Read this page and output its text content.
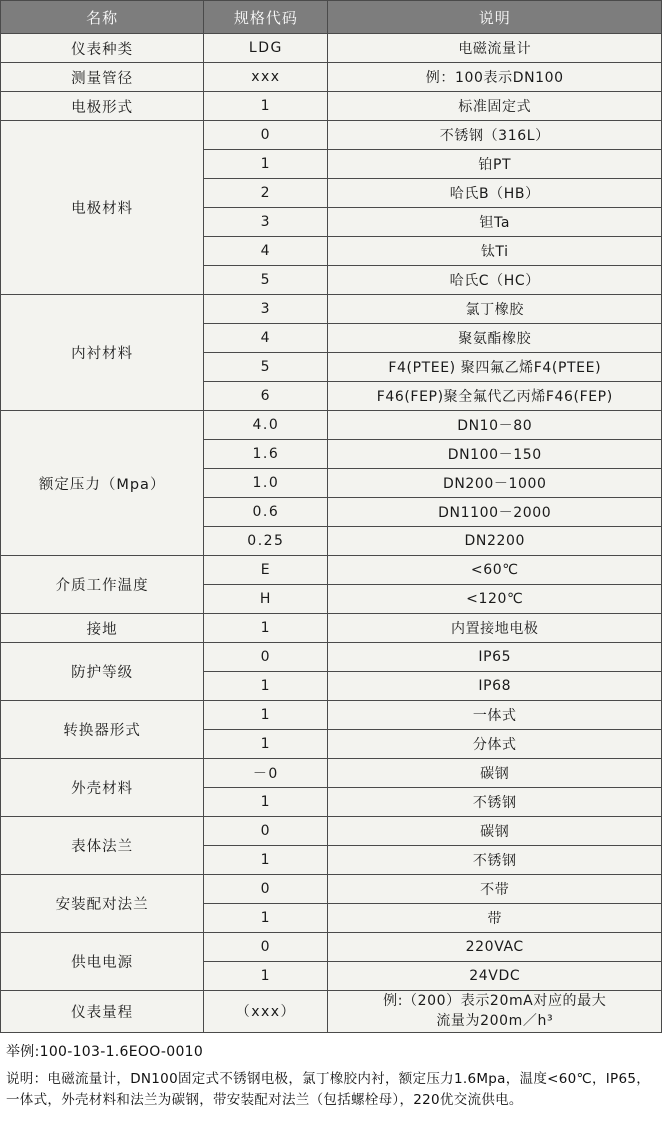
名称	规格代码	说明
仪表种类	LDG	电磁流量计
测量管径	xxx	例：100表示DN100
电极形式	1	标准固定式
电极材料	0	不锈钢（316L）
	1	铂PT
	2	哈氏B（HB）
	3	钽Ta
	4	钛Ti
	5	哈氏C（HC）
内衬材料	3	氯丁橡胶
	4	聚氨酯橡胶
	5	F4(PTEE) 聚四氟乙烯F4(PTEE)
	6	F46(FEP)聚全氟代乙丙烯F46(FEP)
额定压力（Mpa）	4.0	DN10－80
	1.6	DN100－150
	1.0	DN200－1000
	0.6	DN1100－2000
	0.25	DN2200
介质工作温度	E	<60℃
	H	<120℃
接地	1	内置接地电极
防护等级	0	IP65
	1	IP68
转换器形式	1	一体式
	1	分体式
外壳材料	－0	碳钢
	1	不锈钢
表体法兰	0	碳钢
	1	不锈钢
安装配对法兰	0	不带
	1	带
供电电源	0	220VAC
	1	24VDC
仪表量程	（xxx）	例:（200）表示20mA对应的最大
流量为200m／h³
举例:100-103-1.6EOO-0010
说明：电磁流量计，DN100固定式不锈钢电极，氯丁橡胶内衬，额定压力1.6Mpa，温度<60℃，IP65，一体式，外壳材料和法兰为碳钢，带安装配对法兰（包括螺栓母），220优交流供电。
